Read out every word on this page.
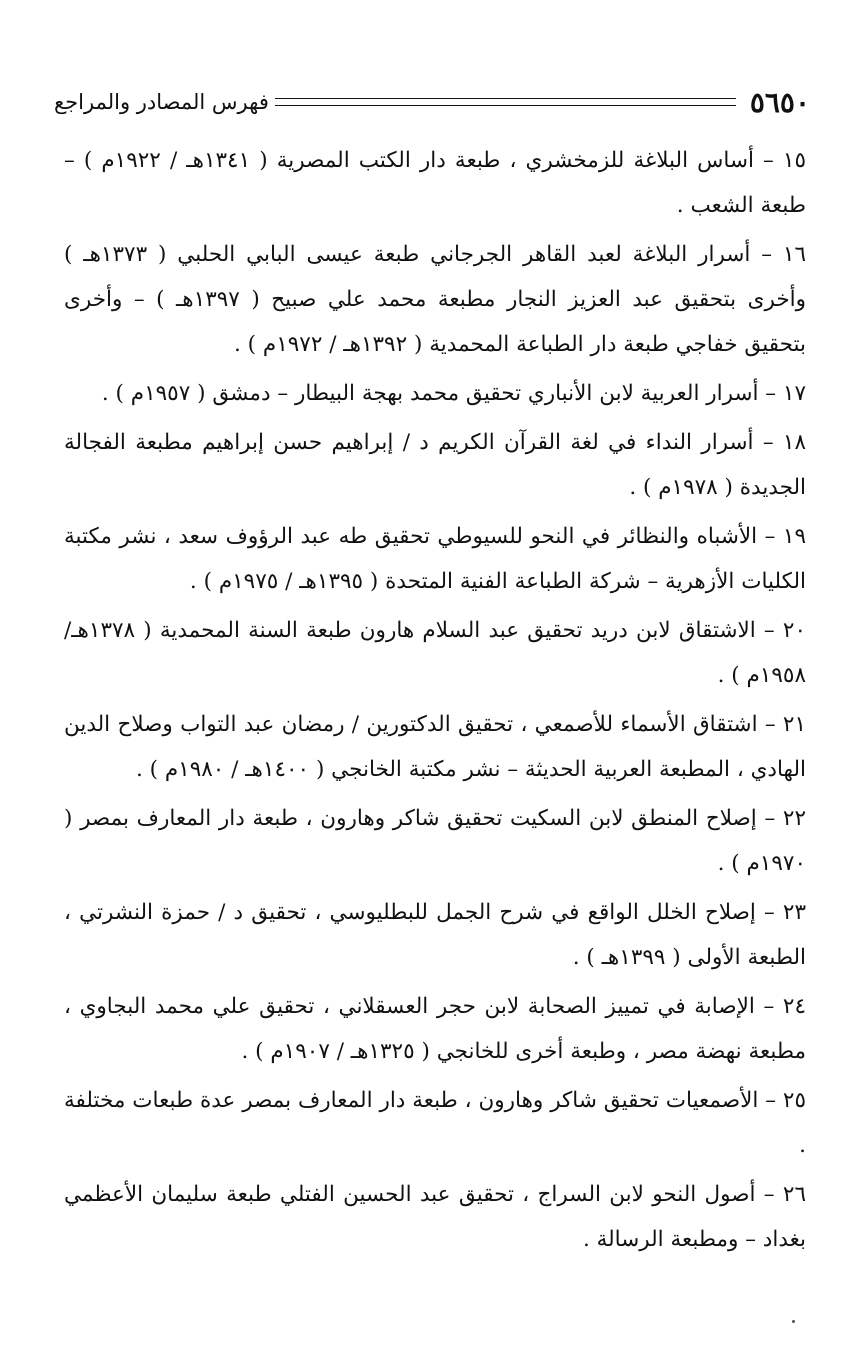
٥٦٥٠
فهرس المصادر والمراجع

١٥ – أساس البلاغة للزمخشري ، طبعة دار الكتب المصرية ( ١٣٤١هـ / ١٩٢٢م ) – طبعة الشعب .

١٦ – أسرار البلاغة لعبد القاهر الجرجاني طبعة عيسى البابي الحلبي ( ١٣٧٣هـ ) وأخرى بتحقيق عبد العزيز النجار مطبعة محمد علي صبيح ( ١٣٩٧هـ ) – وأخرى بتحقيق خفاجي طبعة دار الطباعة المحمدية ( ١٣٩٢هـ / ١٩٧٢م ) .

١٧ – أسرار العربية لابن الأنباري تحقيق محمد بهجة البيطار – دمشق ( ١٩٥٧م ) .

١٨ – أسرار النداء في لغة القرآن الكريم د / إبراهيم حسن إبراهيم مطبعة الفجالة الجديدة ( ١٩٧٨م ) .

١٩ – الأشباه والنظائر في النحو للسيوطي تحقيق طه عبد الرؤوف سعد ، نشر مكتبة الكليات الأزهرية – شركة الطباعة الفنية المتحدة ( ١٣٩٥هـ / ١٩٧٥م ) .

٢٠ – الاشتقاق لابن دريد تحقيق عبد السلام هارون طبعة السنة المحمدية ( ١٣٧٨هـ/ ١٩٥٨م ) .

٢١ – اشتقاق الأسماء للأصمعي ، تحقيق الدكتورين / رمضان عبد التواب وصلاح الدين الهادي ، المطبعة العربية الحديثة – نشر مكتبة الخانجي ( ١٤٠٠هـ / ١٩٨٠م ) .

٢٢ – إصلاح المنطق لابن السكيت تحقيق شاكر وهارون ، طبعة دار المعارف بمصر ( ١٩٧٠م ) .

٢٣ – إصلاح الخلل الواقع في شرح الجمل للبطليوسي ، تحقيق د / حمزة النشرتي ، الطبعة الأولى ( ١٣٩٩هـ ) .

٢٤ – الإصابة في تمييز الصحابة لابن حجر العسقلاني ، تحقيق علي محمد البجاوي ، مطبعة نهضة مصر ، وطبعة أخرى للخانجي ( ١٣٢٥هـ / ١٩٠٧م ) .

٢٥ – الأصمعيات تحقيق شاكر وهارون ، طبعة دار المعارف بمصر عدة طبعات مختلفة .

٢٦ – أصول النحو لابن السراج ، تحقيق عبد الحسين الفتلي طبعة سليمان الأعظمي بغداد – ومطبعة الرسالة .
